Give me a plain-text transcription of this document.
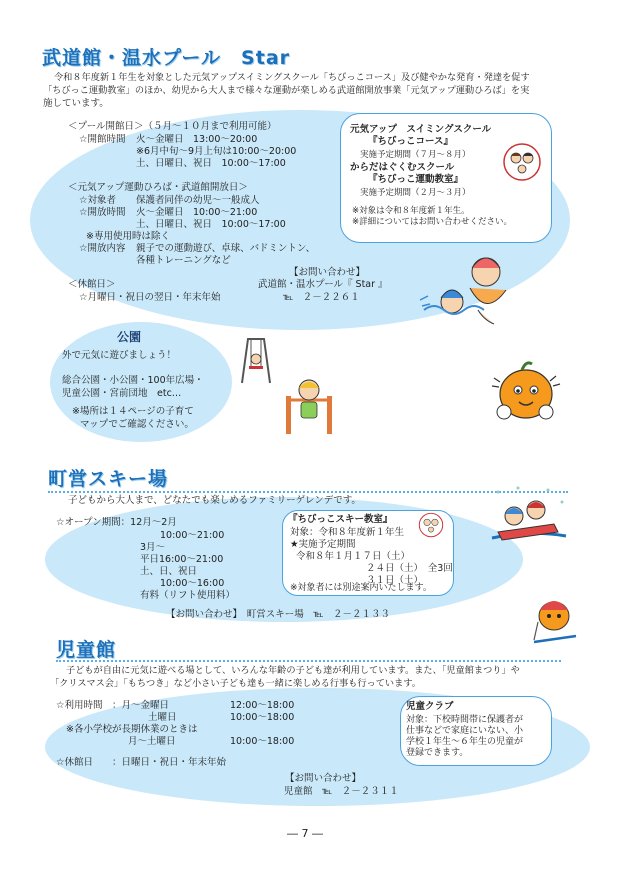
武道館・温水プール　Star
令和８年度新１年生を対象とした元気アップスイミングスクール「ちびっこコース」及び健やかな発育・発達を促す
「ちびっこ運動教室」のほか、幼児から大人まで様々な運動が楽しめる武道館開放事業「元気アップ運動ひろば」を実
施しています。
＜プール開館日＞（５月～１０月まで利用可能）
☆開館時間 火～金曜日　13:00～20:00
※6月中旬～9月上旬は10:00～20:00
土、日曜日、祝日　10:00～17:00
＜元気アップ運動ひろば・武道館開放日＞
☆対象者 保護者同伴の幼児～一般成人
☆開放時間 火～金曜日　10:00～21:00
土、日曜日、祝日　10:00～17:00
※専用使用時は除く
☆開放内容 親子での運動遊び、卓球、バドミントン、
各種トレーニングなど
＜休館日＞
☆月曜日・祝日の翌日・年末年始
【お問い合わせ】
武道館・温水プール『 Star 』
℡　２－２２６１
元気アップ　スイミングスクール
『ちびっこコース』
実施予定期間（７月～８月）
からだはぐくむスクール
『ちびっこ運動教室』
実施予定期間（２月～３月）
※対象は令和８年度新１年生。
※詳細についてはお問い合わせください。
公園
外で元気に遊びましょう！
総合公園・小公園・100年広場・
児童公園・宮前団地　etc…
※場所は１４ページの子育て
マップでご確認ください。
町営スキー場
子どもから大人まで、どなたでも楽しめるファミリーゲレンデです。
☆オープン期間：12月～2月
10:00～21:00
3月～
平日16:00～21:00
土、日、祝日
10:00～16:00
有料（リフト使用料）
【お問い合わせ】　町営スキー場　℡　２－２１３３
『ちびっこスキー教室』
対象：令和８年度新１年生
★実施予定期間
令和８年１月１７日（土）
２４日（土）　全3回
３１日（土）
※対象者には別途案内いたします。
児童館
子どもが自由に元気に遊べる場として、いろんな年齢の子ども達が利用しています。また、「児童館まつり」や
「クリスマス会」「もちつき」など小さい子ども達も一緒に楽しめる行事も行っています。
☆利用時間　：月～金曜日	12:00～18:00
土曜日	10:00～18:00
※各小学校が長期休業のときは
月～土曜日	10:00～18:00
☆休館日　　：日曜日・祝日・年末年始
【お問い合わせ】
児童館　℡　２－２３１１
児童クラブ
対象：下校時間帯に保護者が
仕事などで家庭にいない、小
学校１年生～６年生の児童が
登録できます。
― 7 ―
